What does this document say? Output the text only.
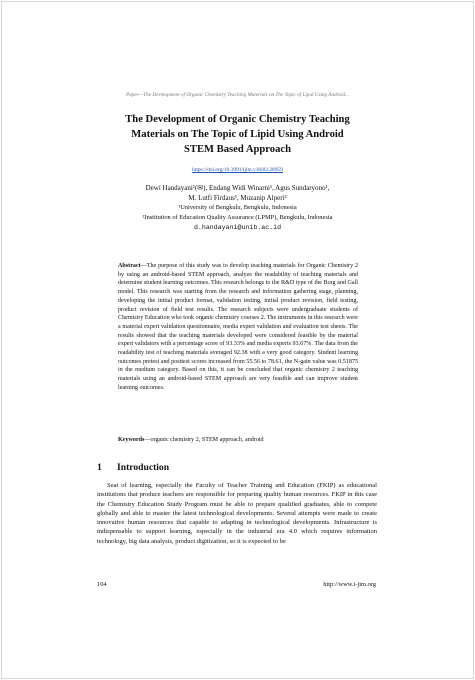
Paper—The Development of Organic Chemistry Teaching Materials on The Topic of Lipid Using Android...
The Development of Organic Chemistry Teaching
Materials on The Topic of Lipid Using Android
STEM Based Approach
https://doi.org/10.3991/ijim.v16i03.28959
Dewi Handayani¹(✉), Endang Widi Winarni¹, Agus Sundaryono¹,
M. Lutfi Firdaus¹, Muzanip Alperi²
¹University of Bengkulu, Bengkulu, Indonesia
²Institution of Education Quality Assurance (LPMP), Bengkulu, Indonesia
d.handayani@unib.ac.id
Abstract—The purpose of this study was to develop teaching materials for Organic Chemistry 2 by using an android-based STEM approach, analyze the readability of teaching materials and determine student learning outcomes. This research belongs to the R&D type of the Borg and Gall model. This research was starting from the research and information gathering stage, planning, developing the initial product format, validation testing, initial product revision, field testing, product revision of field test results. The research subjects were undergraduate students of Chemistry Education who took organic chemistry courses 2. The instruments in this research were a material expert validation questionnaire, media expert validation and evaluation test sheets. The results showed that the teaching materials developed were considered feasible by the material expert validators with a percentage score of 93.33% and media experts 93.67%. The data from the readability test of teaching materials averaged 92.38 with a very good category. Student learning outcomes pretest and posttest scores increased from 55.56 to 78.61, the N-gain value was 0.51875 in the medium category. Based on this, it can be concluded that organic chemistry 2 teaching materials using an android-based STEM approach are very feasible and can improve student learning outcomes.
Keywords—organic chemistry 2, STEM approach, android
1 Introduction

Seat of learning, especially the Faculty of Teacher Training and Education (FKIP) as educational institutions that produce teachers are responsible for preparing quality human resources. FKIP in this case the Chemistry Education Study Program must be able to prepare qualified graduates, able to compete globally and able to master the latest technological developments. Several attempts were made to create innovative human resources that capable to adapting in technological developments. Infrastructure is indispensable to support learning, especially in the industrial era 4.0 which requires information technology, big data analysis, product digitization, so it is expected to be

104	http://www.i-jim.org
